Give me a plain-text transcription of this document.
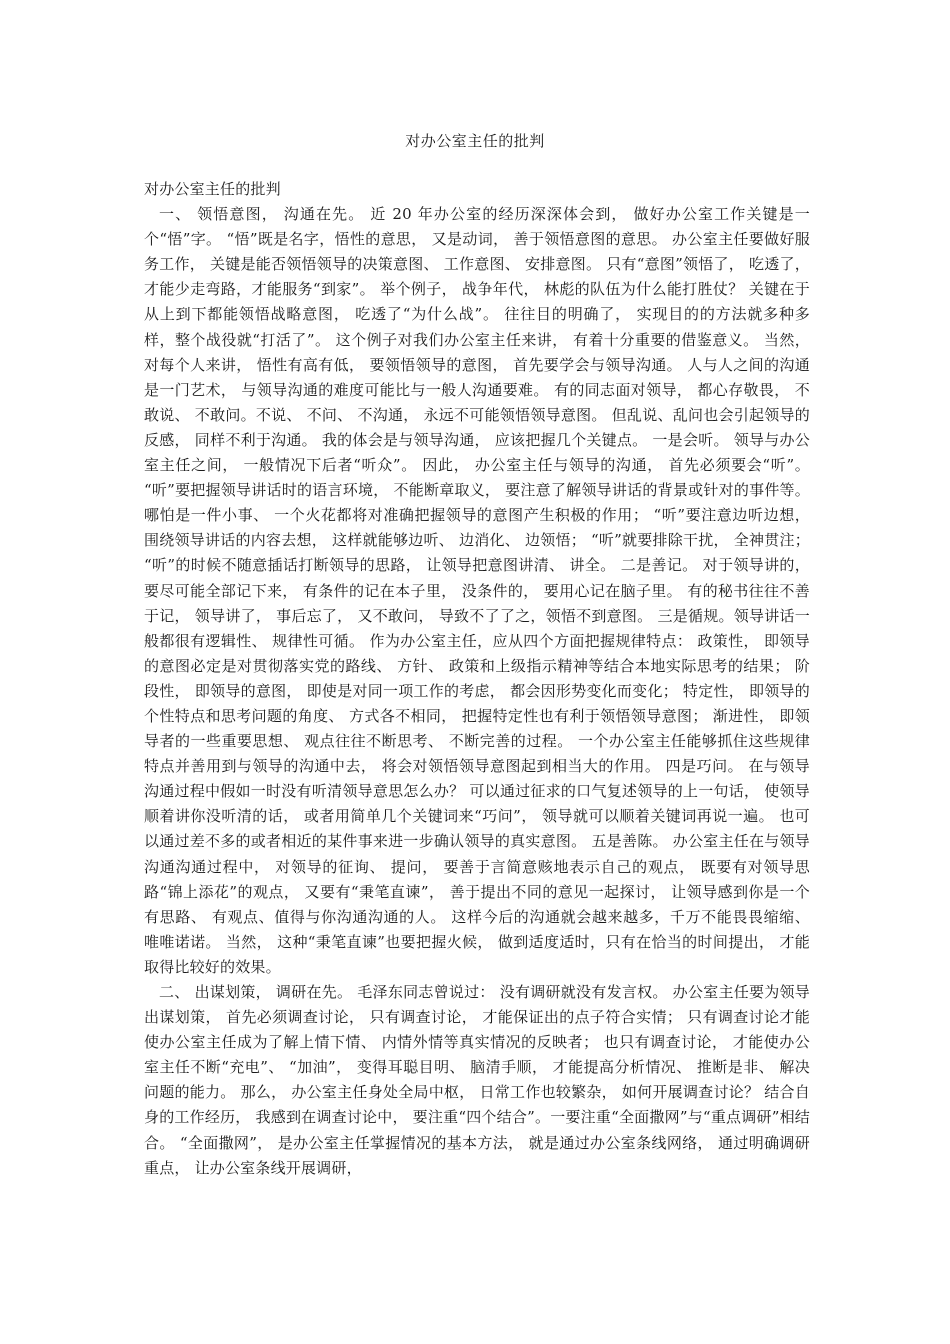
对办公室主任的批判

对办公室主任的批判

一、 领悟意图， 沟通在先。 近 20 年办公室的经历深深体会到， 做好办公室工作关键是一个“悟”字。 “悟”既是名字，悟性的意思， 又是动词， 善于领悟意图的意思。 办公室主任要做好服务工作， 关键是能否领悟领导的决策意图、 工作意图、 安排意图。 只有“意图”领悟了， 吃透了， 才能少走弯路，才能服务“到家”。 举个例子， 战争年代， 林彪的队伍为什么能打胜仗？ 关键在于从上到下都能领悟战略意图， 吃透了“为什么战”。 往往目的明确了， 实现目的的方法就多种多样，整个战役就“打活了”。 这个例子对我们办公室主任来讲， 有着十分重要的借鉴意义。 当然， 对每个人来讲， 悟性有高有低， 要领悟领导的意图， 首先要学会与领导沟通。 人与人之间的沟通是一门艺术， 与领导沟通的难度可能比与一般人沟通要难。 有的同志面对领导， 都心存敬畏， 不敢说、 不敢问。不说、 不问、 不沟通， 永远不可能领悟领导意图。 但乱说、乱问也会引起领导的反感， 同样不利于沟通。 我的体会是与领导沟通， 应该把握几个关键点。 一是会听。 领导与办公室主任之间， 一般情况下后者“听众”。 因此， 办公室主任与领导的沟通， 首先必须要会“听”。 “听”要把握领导讲话时的语言环境， 不能断章取义， 要注意了解领导讲话的背景或针对的事件等。哪怕是一件小事、 一个火花都将对准确把握领导的意图产生积极的作用； “听”要注意边听边想， 围绕领导讲话的内容去想， 这样就能够边听、 边消化、 边领悟； “听”就要排除干扰， 全神贯注； “听”的时候不随意插话打断领导的思路， 让领导把意图讲清、 讲全。 二是善记。 对于领导讲的，要尽可能全部记下来， 有条件的记在本子里， 没条件的， 要用心记在脑子里。 有的秘书往往不善于记， 领导讲了， 事后忘了， 又不敢问， 导致不了了之，领悟不到意图。 三是循规。领导讲话一般都很有逻辑性、 规律性可循。 作为办公室主任，应从四个方面把握规律特点： 政策性， 即领导的意图必定是对贯彻落实党的路线、 方针、 政策和上级指示精神等结合本地实际思考的结果； 阶段性， 即领导的意图， 即使是对同一项工作的考虑， 都会因形势变化而变化； 特定性， 即领导的个性特点和思考问题的角度、 方式各不相同， 把握特定性也有利于领悟领导意图； 渐进性， 即领导者的一些重要思想、 观点往往不断思考、 不断完善的过程。 一个办公室主任能够抓住这些规律特点并善用到与领导的沟通中去， 将会对领悟领导意图起到相当大的作用。 四是巧问。 在与领导沟通过程中假如一时没有听清领导意思怎么办？ 可以通过征求的口气复述领导的上一句话， 使领导顺着讲你没听清的话， 或者用简单几个关键词来“巧问”， 领导就可以顺着关键词再说一遍。 也可以通过差不多的或者相近的某件事来进一步确认领导的真实意图。 五是善陈。 办公室主任在与领导沟通沟通过程中， 对领导的征询、 提问， 要善于言简意赅地表示自己的观点， 既要有对领导思路“锦上添花”的观点， 又要有“秉笔直谏”， 善于提出不同的意见一起探讨， 让领导感到你是一个有思路、 有观点、值得与你沟通沟通的人。 这样今后的沟通就会越来越多，千万不能畏畏缩缩、 唯唯诺诺。 当然， 这种“秉笔直谏”也要把握火候， 做到适度适时，只有在恰当的时间提出， 才能取得比较好的效果。

二、 出谋划策， 调研在先。 毛泽东同志曾说过： 没有调研就没有发言权。 办公室主任要为领导出谋划策， 首先必须调查讨论， 只有调查讨论， 才能保证出的点子符合实情； 只有调查讨论才能使办公室主任成为了解上情下情、 内情外情等真实情况的反映者； 也只有调查讨论， 才能使办公室主任不断“充电”、 “加油”， 变得耳聪目明、 脑清手顺， 才能提高分析情况、 推断是非、 解决问题的能力。 那么， 办公室主任身处全局中枢， 日常工作也较繁杂， 如何开展调查讨论？ 结合自身的工作经历， 我感到在调查讨论中， 要注重“四个结合”。一要注重“全面撒网”与“重点调研”相结合。 “全面撒网”， 是办公室主任掌握情况的基本方法， 就是通过办公室条线网络， 通过明确调研重点， 让办公室条线开展调研，
